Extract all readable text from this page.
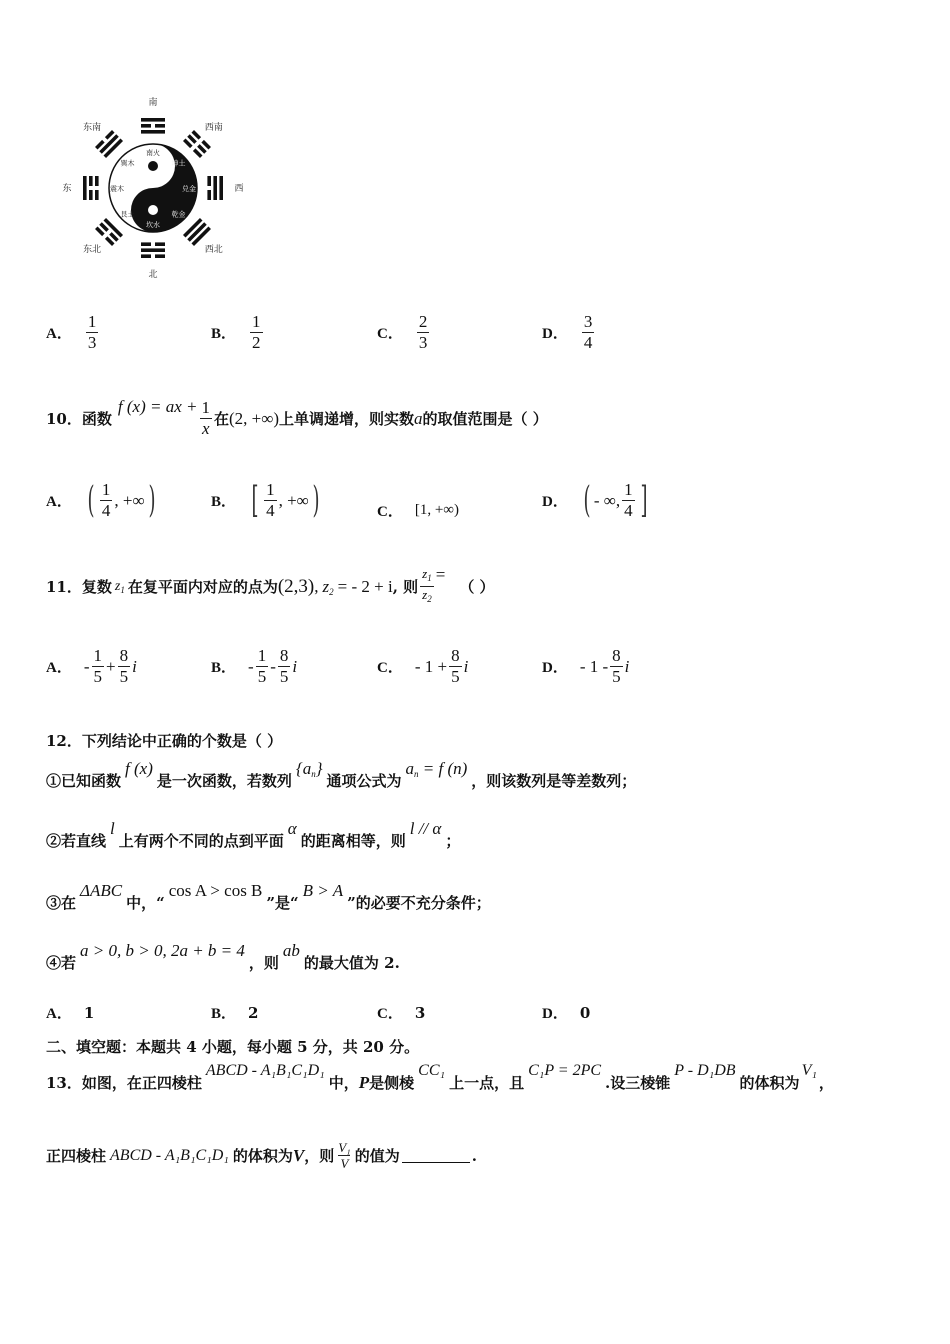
南
西南
西
西北
北
东北
东
东南
南火
坤土
兑金
乾金
坎水
艮土
震木
巽木
A． $\frac{1}{3}$	B． $\frac{1}{2}$	C． $\frac{2}{3}$	D． $\frac{3}{4}$
10． 函数
f (x) = ax + $\frac{1}{x}$ 在 (2, +∞) 上单调递增，则实数 a 的取值范围是（ ）
A． ( $\frac{1}{4}$ , +∞ )	B． [ $\frac{1}{4}$ , +∞ )	C． [1, +∞)	D． ( - ∞, $\frac{1}{4}$ ]
11． 复数 $z_1$ 在复平面内对应的点为 (2,3) , $z_2$ = - 2 + i , 则 $\frac{z_1}{z_2}$ =
（ ）
A． - $\frac{1}{5} + \frac{8}{5}$ i	B． - $\frac{1}{5} - \frac{8}{5}$ i	C． - $1 + \frac{8}{5}$ i	D． - $1 - \frac{8}{5}$ i
12．下列结论中正确的个数是（ ）
①已知函数
f (x)
是一次函数，若数列
$\{a_n\}$
通项公式为
$a_n = f$ (n)
，则该数列是等差数列；
②若直线
l
上有两个不同的点到平面
α
的距离相等，则
l // α
；
③在
ΔABC
中，“
cos A > cos B
”是“
B > A
”的必要不充分条件；
④若
a > 0, b > 0, 2a + b = 4
，则
ab
的最大值为 2.
A． 1	B． 2	C． 3	D． 0
二、填空题：本题共 4 小题，每小题 5 分，共 20 分。
13． 如图，在正四棱柱
ABCD - A₁B₁C₁D₁
中， P 是侧棱
CC₁
上一点，且
C₁P = 2PC
.设三棱锥
P - D₁DB
的体积为
V₁
，
正四棱柱 ABCD - A₁B₁C₁D₁ 的体积为 V ，则 $\frac{\text{V₁}}{V}$ 的值为	.
